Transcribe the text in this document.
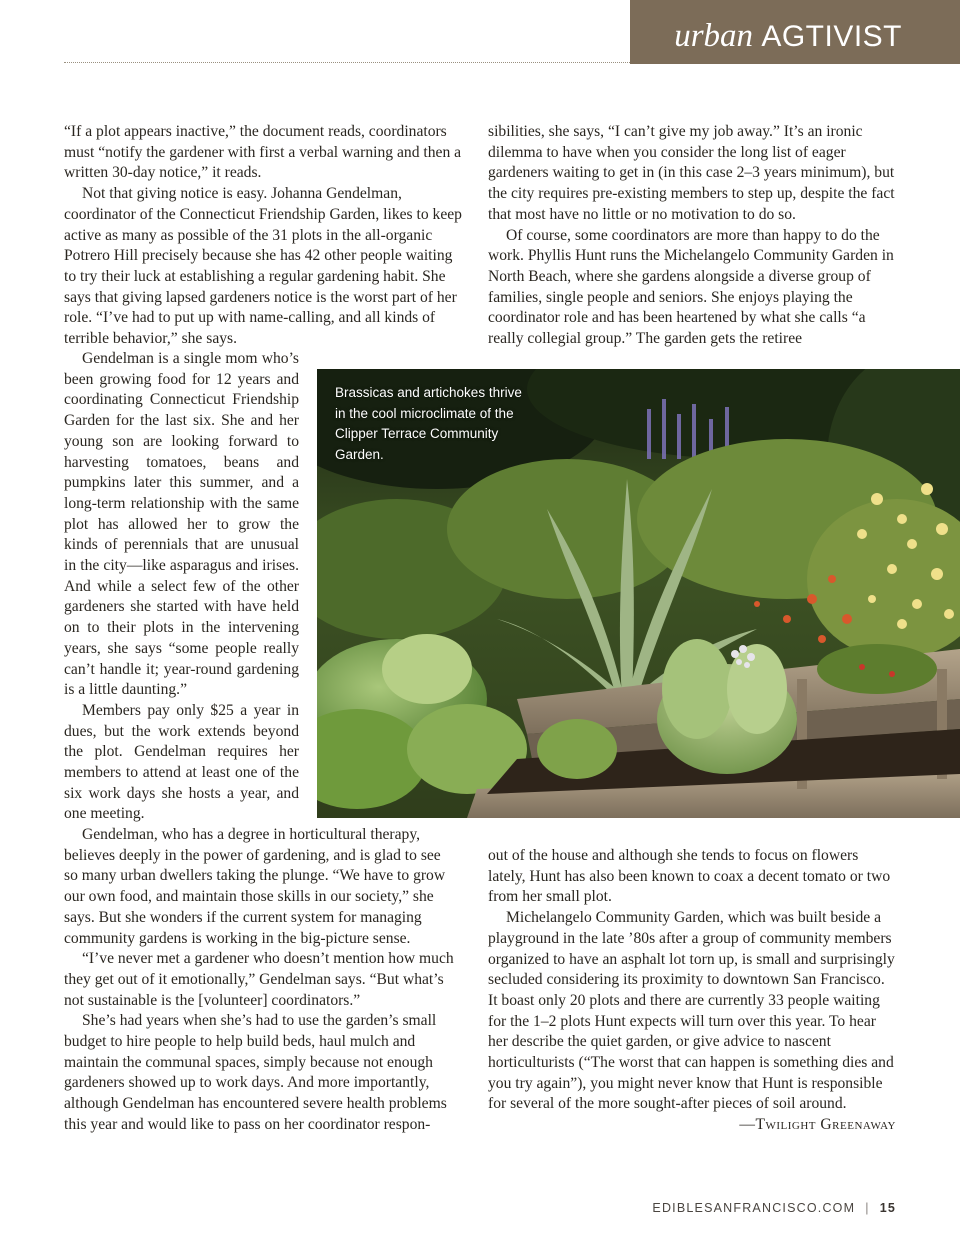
urban AGTIVIST

“If a plot appears inactive,” the document reads, coordinators must “notify the gardener with first a verbal warning and then a written 30-day notice,” it reads.

Not that giving notice is easy. Johanna Gendelman, coordinator of the Connecticut Friendship Garden, likes to keep active as many as possible of the 31 plots in the all-organic Potrero Hill precisely because she has 42 other people waiting to try their luck at establishing a regular gardening habit. She says that giving lapsed gardeners notice is the worst part of her role. “I’ve had to put up with name-calling, and all kinds of terrible behavior,” she says.

Gendelman is a single mom who’s been growing food for 12 years and coordinating Connecticut Friendship Garden for the last six. She and her young son are looking forward to harvesting tomatoes, beans and pumpkins later this summer, and a long-term relationship with the same plot has allowed her to grow the kinds of perennials that are unusual in the city—like asparagus and irises. And while a select few of the other gardeners she started with have held on to their plots in the intervening years, she says “some people really can’t handle it; year-round gardening is a little daunting.”

Members pay only $25 a year in dues, but the work extends beyond the plot. Gendelman requires her members to attend at least one of the six work days she hosts a year, and one meeting.

Gendelman, who has a degree in horticultural therapy, believes deeply in the power of gardening, and is glad to see so many urban dwellers taking the plunge. “We have to grow our own food, and maintain those skills in our society,” she says. But she wonders if the current system for managing community gardens is working in the big-picture sense.

“I’ve never met a gardener who doesn’t mention how much they get out of it emotionally,” Gendelman says. “But what’s not sustainable is the [volunteer] coordinators.”

She’s had years when she’s had to use the garden’s small budget to hire people to help build beds, haul mulch and maintain the communal spaces, simply because not enough gardeners showed up to work days. And more importantly, although Gendelman has encountered severe health problems this year and would like to pass on her coordinator respon-

sibilities, she says, “I can’t give my job away.” It’s an ironic dilemma to have when you consider the long list of eager gardeners waiting to get in (in this case 2–3 years minimum), but the city requires pre-existing members to step up, despite the fact that most have no little or no motivation to do so.

Of course, some coordinators are more than happy to do the work. Phyllis Hunt runs the Michelangelo Community Garden in North Beach, where she gardens alongside a diverse group of families, single people and seniors. She enjoys playing the coordinator role and has been heartened by what she calls “a really collegial group.” The garden gets the retiree

Brassicas and artichokes thrive in the cool microclimate of the Clipper Terrace Community Garden.

out of the house and although she tends to focus on flowers lately, Hunt has also been known to coax a decent tomato or two from her small plot.

Michelangelo Community Garden, which was built beside a playground in the late ’80s after a group of community members organized to have an asphalt lot torn up, is small and surprisingly secluded considering its proximity to downtown San Francisco. It boast only 20 plots and there are currently 33 people waiting for the 1–2 plots Hunt expects will turn over this year. To hear her describe the quiet garden, or give advice to nascent horticulturists (“The worst that can happen is something dies and you try again”), you might never know that Hunt is responsible for several of the more sought-after pieces of soil around.

—Twilight Greenaway

EDIBLESANFRANCISCO.COM | 15
